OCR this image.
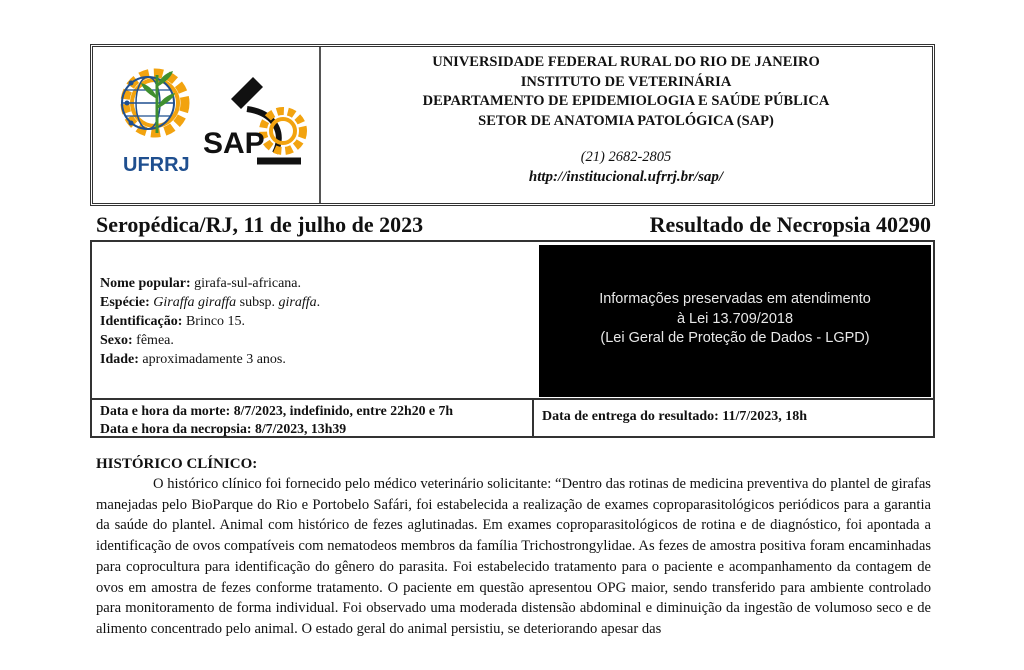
UFRRJ
SAP
UNIVERSIDADE FEDERAL RURAL DO RIO DE JANEIRO
INSTITUTO DE VETERINÁRIA
DEPARTAMENTO DE EPIDEMIOLOGIA E SAÚDE PÚBLICA
SETOR DE ANATOMIA PATOLÓGICA (SAP)
(21) 2682-2805
http://institucional.ufrrj.br/sap/
Seropédica/RJ, 11 de julho de 2023	Resultado de Necropsia 40290
Nome popular: girafa-sul-africana.
Espécie: Giraffa giraffa subsp. giraffa.
Identificação: Brinco 15.
Sexo: fêmea.
Idade: aproximadamente 3 anos.
Informações preservadas em atendimento
à Lei 13.709/2018
(Lei Geral de Proteção de Dados - LGPD)
Data e hora da morte: 8/7/2023, indefinido, entre 22h20 e 7h
Data e hora da necropsia: 8/7/2023, 13h39
Data de entrega do resultado: 11/7/2023, 18h
HISTÓRICO CLÍNICO:
O histórico clínico foi fornecido pelo médico veterinário solicitante: “Dentro das rotinas de medicina preventiva do plantel de girafas manejadas pelo BioParque do Rio e Portobelo Safári, foi estabelecida a realização de exames coproparasitológicos periódicos para a garantia da saúde do plantel. Animal com histórico de fezes aglutinadas. Em exames coproparasitológicos de rotina e de diagnóstico, foi apontada a identificação de ovos compatíveis com nematodeos membros da família Trichostrongylidae. As fezes de amostra positiva foram encaminhadas para coprocultura para identificação do gênero do parasita. Foi estabelecido tratamento para o paciente e acompanhamento da contagem de ovos em amostra de fezes conforme tratamento. O paciente em questão apresentou OPG maior, sendo transferido para ambiente controlado para monitoramento de forma individual. Foi observado uma moderada distensão abdominal e diminuição da ingestão de volumoso seco e de alimento concentrado pelo animal. O estado geral do animal persistiu, se deteriorando apesar das
